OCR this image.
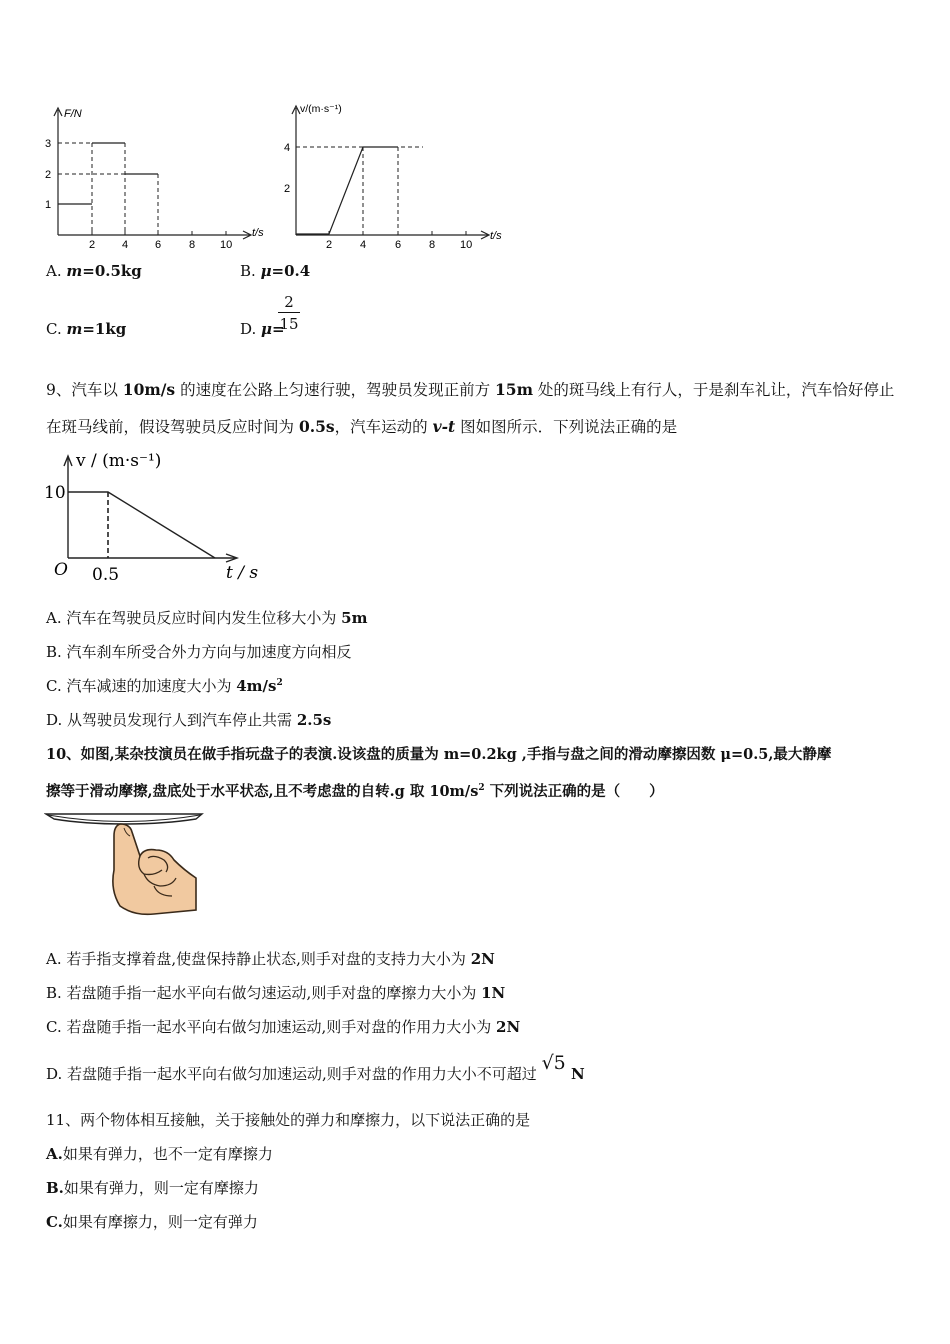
F/N
t/s
3
2
1
2 4 6	8 10
v/(m·s⁻¹)
t/s
4
2
2	4	6	8 10
A. m=0.5kg	B. μ=0.4
C. m=1kg	D. μ=
$\frac{2}{15}$
9、汽车以 10m/s 的速度在公路上匀速行驶，驾驶员发现正前方 15m 处的斑马线上有行人，于是刹车礼让，汽车恰好停止
在斑马线前，假设驾驶员反应时间为 0.5s，汽车运动的 v-t 图如图所示．下列说法正确的是
v / (m·s⁻¹)
10
O 0.5	t / s
A. 汽车在驾驶员反应时间内发生位移大小为 5m
B. 汽车刹车所受合外力方向与加速度方向相反
C. 汽车减速的加速度大小为 $4m/s^2$
D. 从驾驶员发现行人到汽车停止共需 2.5s
10、如图,某杂技演员在做手指玩盘子的表演.设该盘的质量为 m=0.2kg ,手指与盘之间的滑动摩擦因数 μ=0.5,最大静摩
擦等于滑动摩擦,盘底处于水平状态,且不考虑盘的自转.g 取 $10m/s^2$ 下列说法正确的是（　　）
A. 若手指支撑着盘,使盘保持静止状态,则手对盘的支持力大小为 2N
B. 若盘随手指一起水平向右做匀速运动,则手对盘的摩擦力大小为 1N
C. 若盘随手指一起水平向右做匀加速运动,则手对盘的作用力大小为 2N
D. 若盘随手指一起水平向右做匀加速运动,则手对盘的作用力大小不可超过 √5 N
11、两个物体相互接触，关于接触处的弹力和摩擦力，以下说法正确的是
A.如果有弹力，也不一定有摩擦力
B.如果有弹力，则一定有摩擦力
C.如果有摩擦力，则一定有弹力
